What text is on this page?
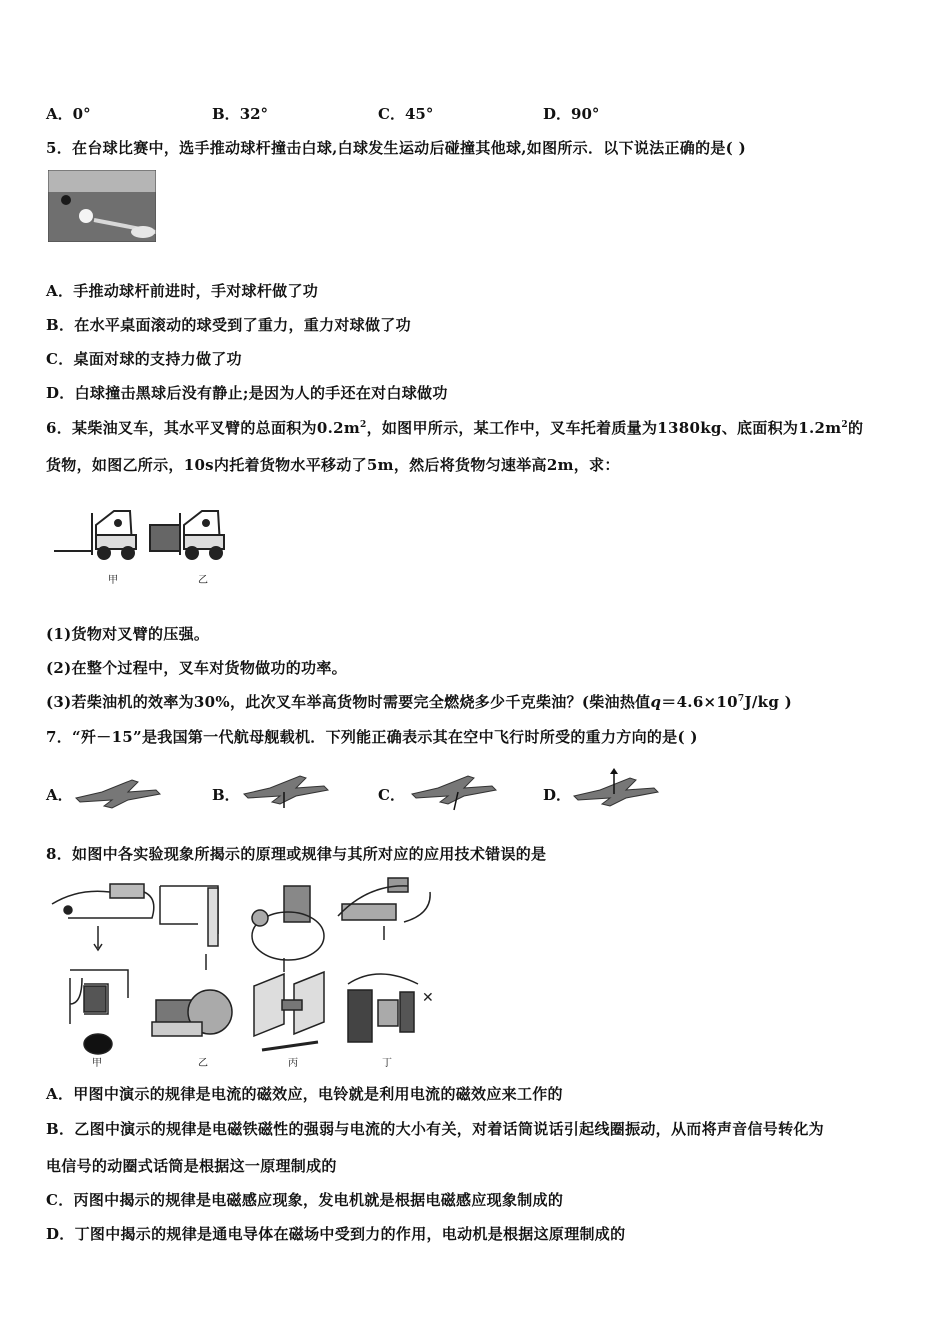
A．0°	B．32°	C．45°	D．90°
5．在台球比赛中，选手推动球杆撞击白球,白球发生运动后碰撞其他球,如图所示．以下说法正确的是( )
A．手推动球杆前进时，手对球杆做了功
B．在水平桌面滚动的球受到了重力，重力对球做了功
C．桌面对球的支持力做了功
D．白球撞击黑球后没有静止;是因为人的手还在对白球做功
6．某柴油叉车，其水平叉臂的总面积为$0.2m^2$，如图甲所示，某工作中，叉车托着质量为1380kg、底面积为$1.2m^2$的
货物，如图乙所示，10s内托着货物水平移动了5m，然后将货物匀速举高2m，求：
甲	乙
(1)货物对叉臂的压强。
(2)在整个过程中，叉车对货物做功的功率。
(3)若柴油机的效率为30%，此次叉车举高货物时需要完全燃烧多少千克柴油？(柴油热值$q=4.6\times 10^7J/kg$ )
7．“歼－15”是我国第一代航母舰载机．下列能正确表示其在空中飞行时所受的重力方向的是( )
A．	B．	C．	D．
8．如图中各实验现象所揭示的原理或规律与其所对应的应用技术错误的是
✕
甲	乙	丙	丁
A．甲图中演示的规律是电流的磁效应，电铃就是利用电流的磁效应来工作的
B．乙图中演示的规律是电磁铁磁性的强弱与电流的大小有关，对着话筒说话引起线圈振动，从而将声音信号转化为
电信号的动圈式话筒是根据这一原理制成的
C．丙图中揭示的规律是电磁感应现象，发电机就是根据电磁感应现象制成的
D．丁图中揭示的规律是通电导体在磁场中受到力的作用，电动机是根据这原理制成的
